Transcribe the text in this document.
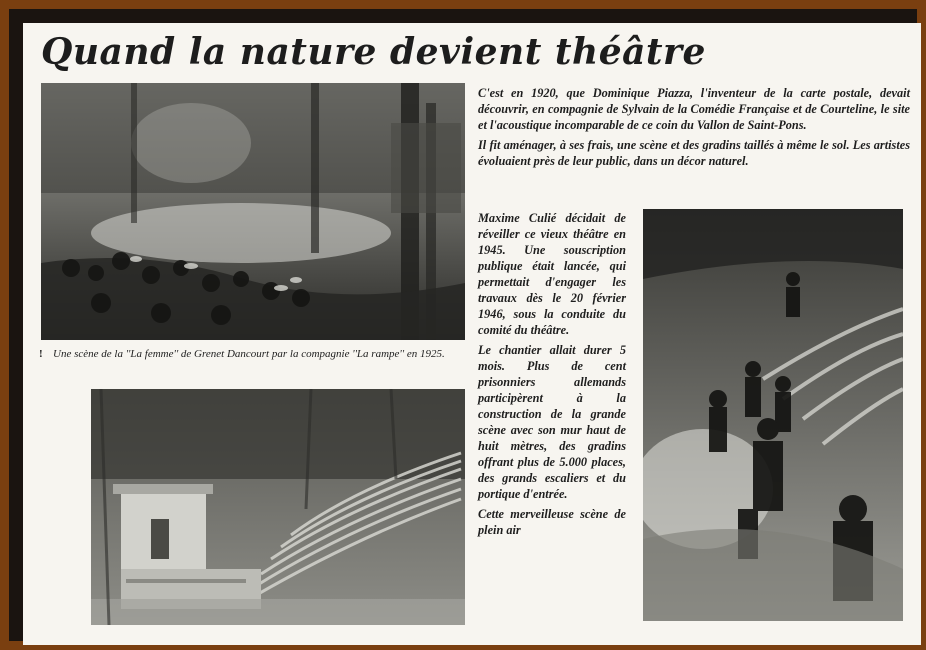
Quand la nature devient théâtre
! Une scène de la ''La femme'' de Grenet Dancourt par la compagnie ''La rampe'' en 1925.

C'est en 1920, que Dominique Piazza, l'inventeur de la carte postale, devait découvrir, en compagnie de Sylvain de la Comédie Française et de Courteline, le site et l'acoustique incomparable de ce coin du Vallon de Saint-Pons.

Il fit aménager, à ses frais, une scène et des gradins taillés à même le sol. Les artistes évoluaient près de leur public, dans un décor naturel.

Maxime Culié décidait de réveiller ce vieux théâtre en 1945. Une souscription publique était lancée, qui permettait d'engager les travaux dès le 20 février 1946, sous la conduite du comité du théâtre.

Le chantier allait durer 5 mois. Plus de cent prisonniers allemands participèrent à la construction de la grande scène avec son mur haut de huit mètres, des gradins offrant plus de 5.000 places, des grands escaliers et du portique d'entrée.

Cette merveilleuse scène de plein air
